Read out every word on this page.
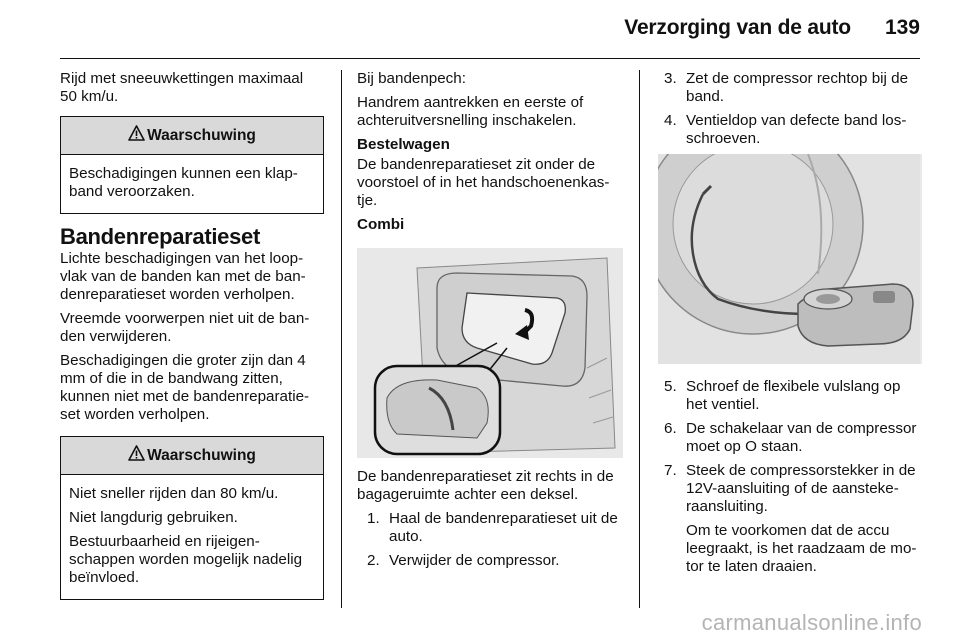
Verzorging van de auto 139

Rijd met sneeuwkettingen maximaal 50 km/u.

Waarschuwing

Beschadigingen kunnen een klapband veroorzaken.

Bandenreparatieset

Lichte beschadigingen van het loopvlak van de banden kan met de bandenreparatieset worden verholpen.

Vreemde voorwerpen niet uit de banden verwijderen.

Beschadigingen die groter zijn dan 4 mm of die in de bandwang zitten, kunnen niet met de bandenreparatieset worden verholpen.

Waarschuwing

Niet sneller rijden dan 80 km/u.

Niet langdurig gebruiken.

Bestuurbaarheid en rijeigenschappen worden mogelijk nadelig beïnvloed.

Bij bandenpech:

Handrem aantrekken en eerste of achteruitversnelling inschakelen.

Bestelwagen

De bandenreparatieset zit onder de voorstoel of in het handschoenenkastje.

Combi

De bandenreparatieset zit rechts in de bagageruimte achter een deksel.

1. Haal de bandenreparatieset uit de auto.
2. Verwijder de compressor.
3. Zet de compressor rechtop bij de band.
4. Ventieldop van defecte band losschroeven.
5. Schroef de flexibele vulslang op het ventiel.
6. De schakelaar van de compressor moet op O staan.
7. Steek de compressorstekker in de 12V-aansluiting of de aanstekeraansluiting.

Om te voorkomen dat de accu leegraakt, is het raadzaam de motor te laten draaien.

carmanualsonline.info
